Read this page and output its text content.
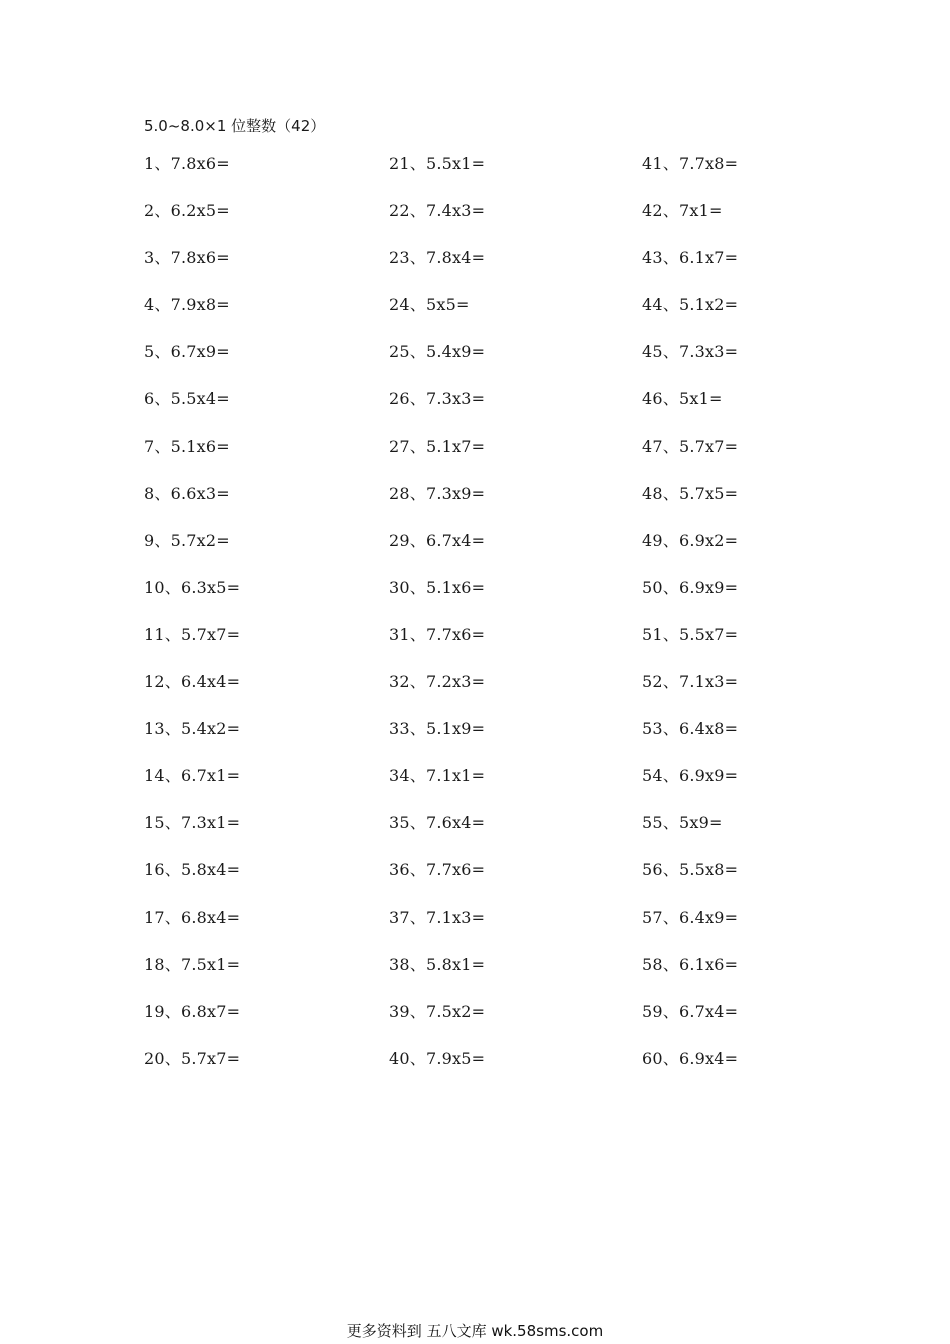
5.0~8.0×1 位整数（42）
1、7.8x6=
2、6.2x5=
3、7.8x6=
4、7.9x8=
5、6.7x9=
6、5.5x4=
7、5.1x6=
8、6.6x3=
9、5.7x2=
10、6.3x5=
11、5.7x7=
12、6.4x4=
13、5.4x2=
14、6.7x1=
15、7.3x1=
16、5.8x4=
17、6.8x4=
18、7.5x1=
19、6.8x7=
20、5.7x7=
21、5.5x1=
22、7.4x3=
23、7.8x4=
24、5x5=
25、5.4x9=
26、7.3x3=
27、5.1x7=
28、7.3x9=
29、6.7x4=
30、5.1x6=
31、7.7x6=
32、7.2x3=
33、5.1x9=
34、7.1x1=
35、7.6x4=
36、7.7x6=
37、7.1x3=
38、5.8x1=
39、7.5x2=
40、7.9x5=
41、7.7x8=
42、7x1=
43、6.1x7=
44、5.1x2=
45、7.3x3=
46、5x1=
47、5.7x7=
48、5.7x5=
49、6.9x2=
50、6.9x9=
51、5.5x7=
52、7.1x3=
53、6.4x8=
54、6.9x9=
55、5x9=
56、5.5x8=
57、6.4x9=
58、6.1x6=
59、6.7x4=
60、6.9x4=
更多资料到 五八文库 wk.58sms.com
